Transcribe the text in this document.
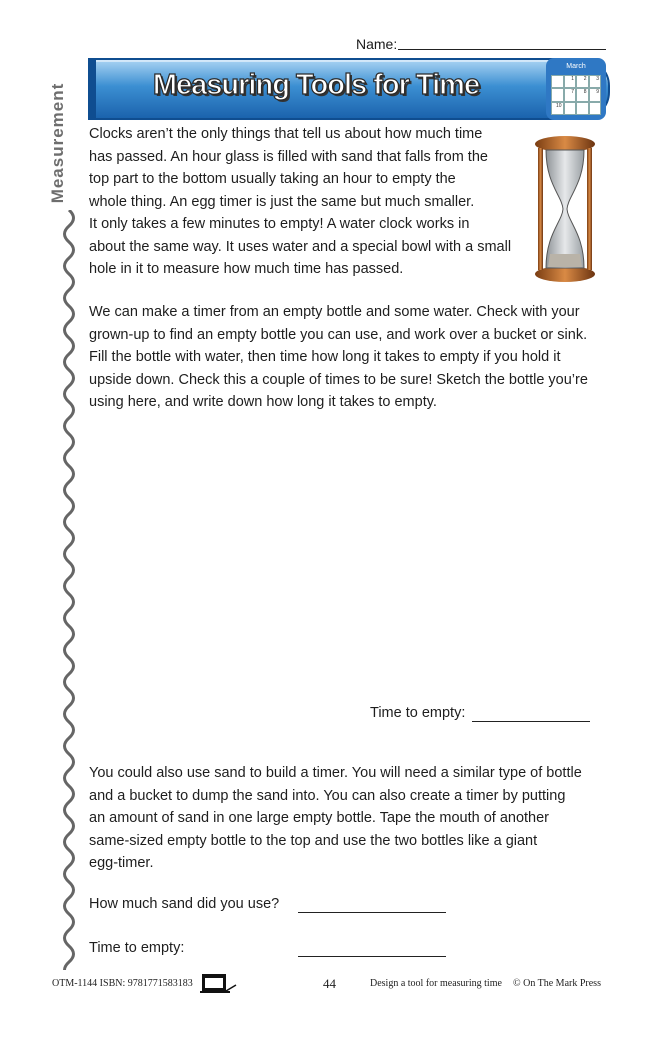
Measurement
Name:
Measuring Tools for Time
March
1	2	3
7	8	9
10
Clocks aren’t the only things that tell us about how much time
has passed. An hour glass is filled with sand that falls from the
top part to the bottom usually taking an hour to empty the
whole thing. An egg timer is just the same but much smaller.
It only takes a few minutes to empty! A water clock works in
about the same way. It uses water and a special bowl with a small
hole in it to measure how much time has passed.
We can make a timer from an empty bottle and some water. Check with your
grown-up to find an empty bottle you can use, and work over a bucket or sink.
Fill the bottle with water, then time how long it takes to empty if you hold it
upside down. Check this a couple of times to be sure! Sketch the bottle you’re
using here, and write down how long it takes to empty.
Time to empty:
You could also use sand to build a timer. You will need a similar type of bottle
and a bucket to dump the sand into. You can also create a timer by putting
an amount of sand in one large empty bottle. Tape the mouth of another
same-sized empty bottle to the top and use the two bottles like a giant
egg-timer.
How much sand did you use?
Time to empty:
OTM-1144 ISBN: 9781771583183	44	Design a tool for measuring time © On The Mark Press
